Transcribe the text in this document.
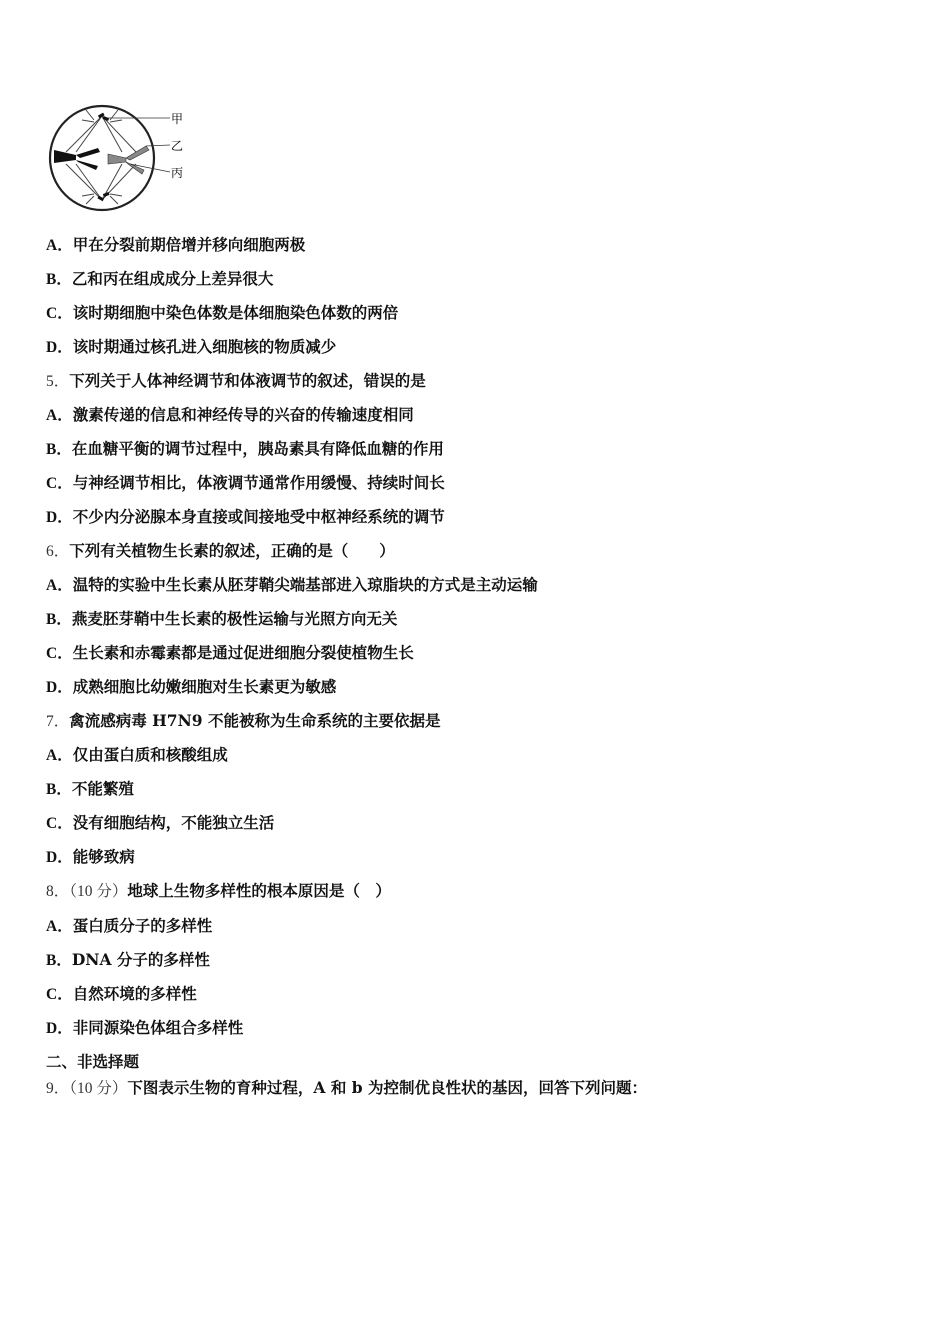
甲
乙
丙
A．甲在分裂前期倍增并移向细胞两极
B．乙和丙在组成成分上差异很大
C．该时期细胞中染色体数是体细胞染色体数的两倍
D．该时期通过核孔进入细胞核的物质减少
5．下列关于人体神经调节和体液调节的叙述，错误的是
A．激素传递的信息和神经传导的兴奋的传输速度相同
B．在血糖平衡的调节过程中，胰岛素具有降低血糖的作用
C．与神经调节相比，体液调节通常作用缓慢、持续时间长
D．不少内分泌腺本身直接或间接地受中枢神经系统的调节
6．下列有关植物生长素的叙述，正确的是（　　）
A．温特的实验中生长素从胚芽鞘尖端基部进入琼脂块的方式是主动运输
B．燕麦胚芽鞘中生长素的极性运输与光照方向无关
C．生长素和赤霉素都是通过促进细胞分裂使植物生长
D．成熟细胞比幼嫩细胞对生长素更为敏感
7．禽流感病毒 H7N9 不能被称为生命系统的主要依据是
A．仅由蛋白质和核酸组成
B．不能繁殖
C．没有细胞结构，不能独立生活
D．能够致病
8．（10 分）地球上生物多样性的根本原因是（　）
A．蛋白质分子的多样性
B．DNA 分子的多样性
C．自然环境的多样性
D．非同源染色体组合多样性
二、非选择题
9．（10 分）下图表示生物的育种过程，A 和 b 为控制优良性状的基因，回答下列问题：
